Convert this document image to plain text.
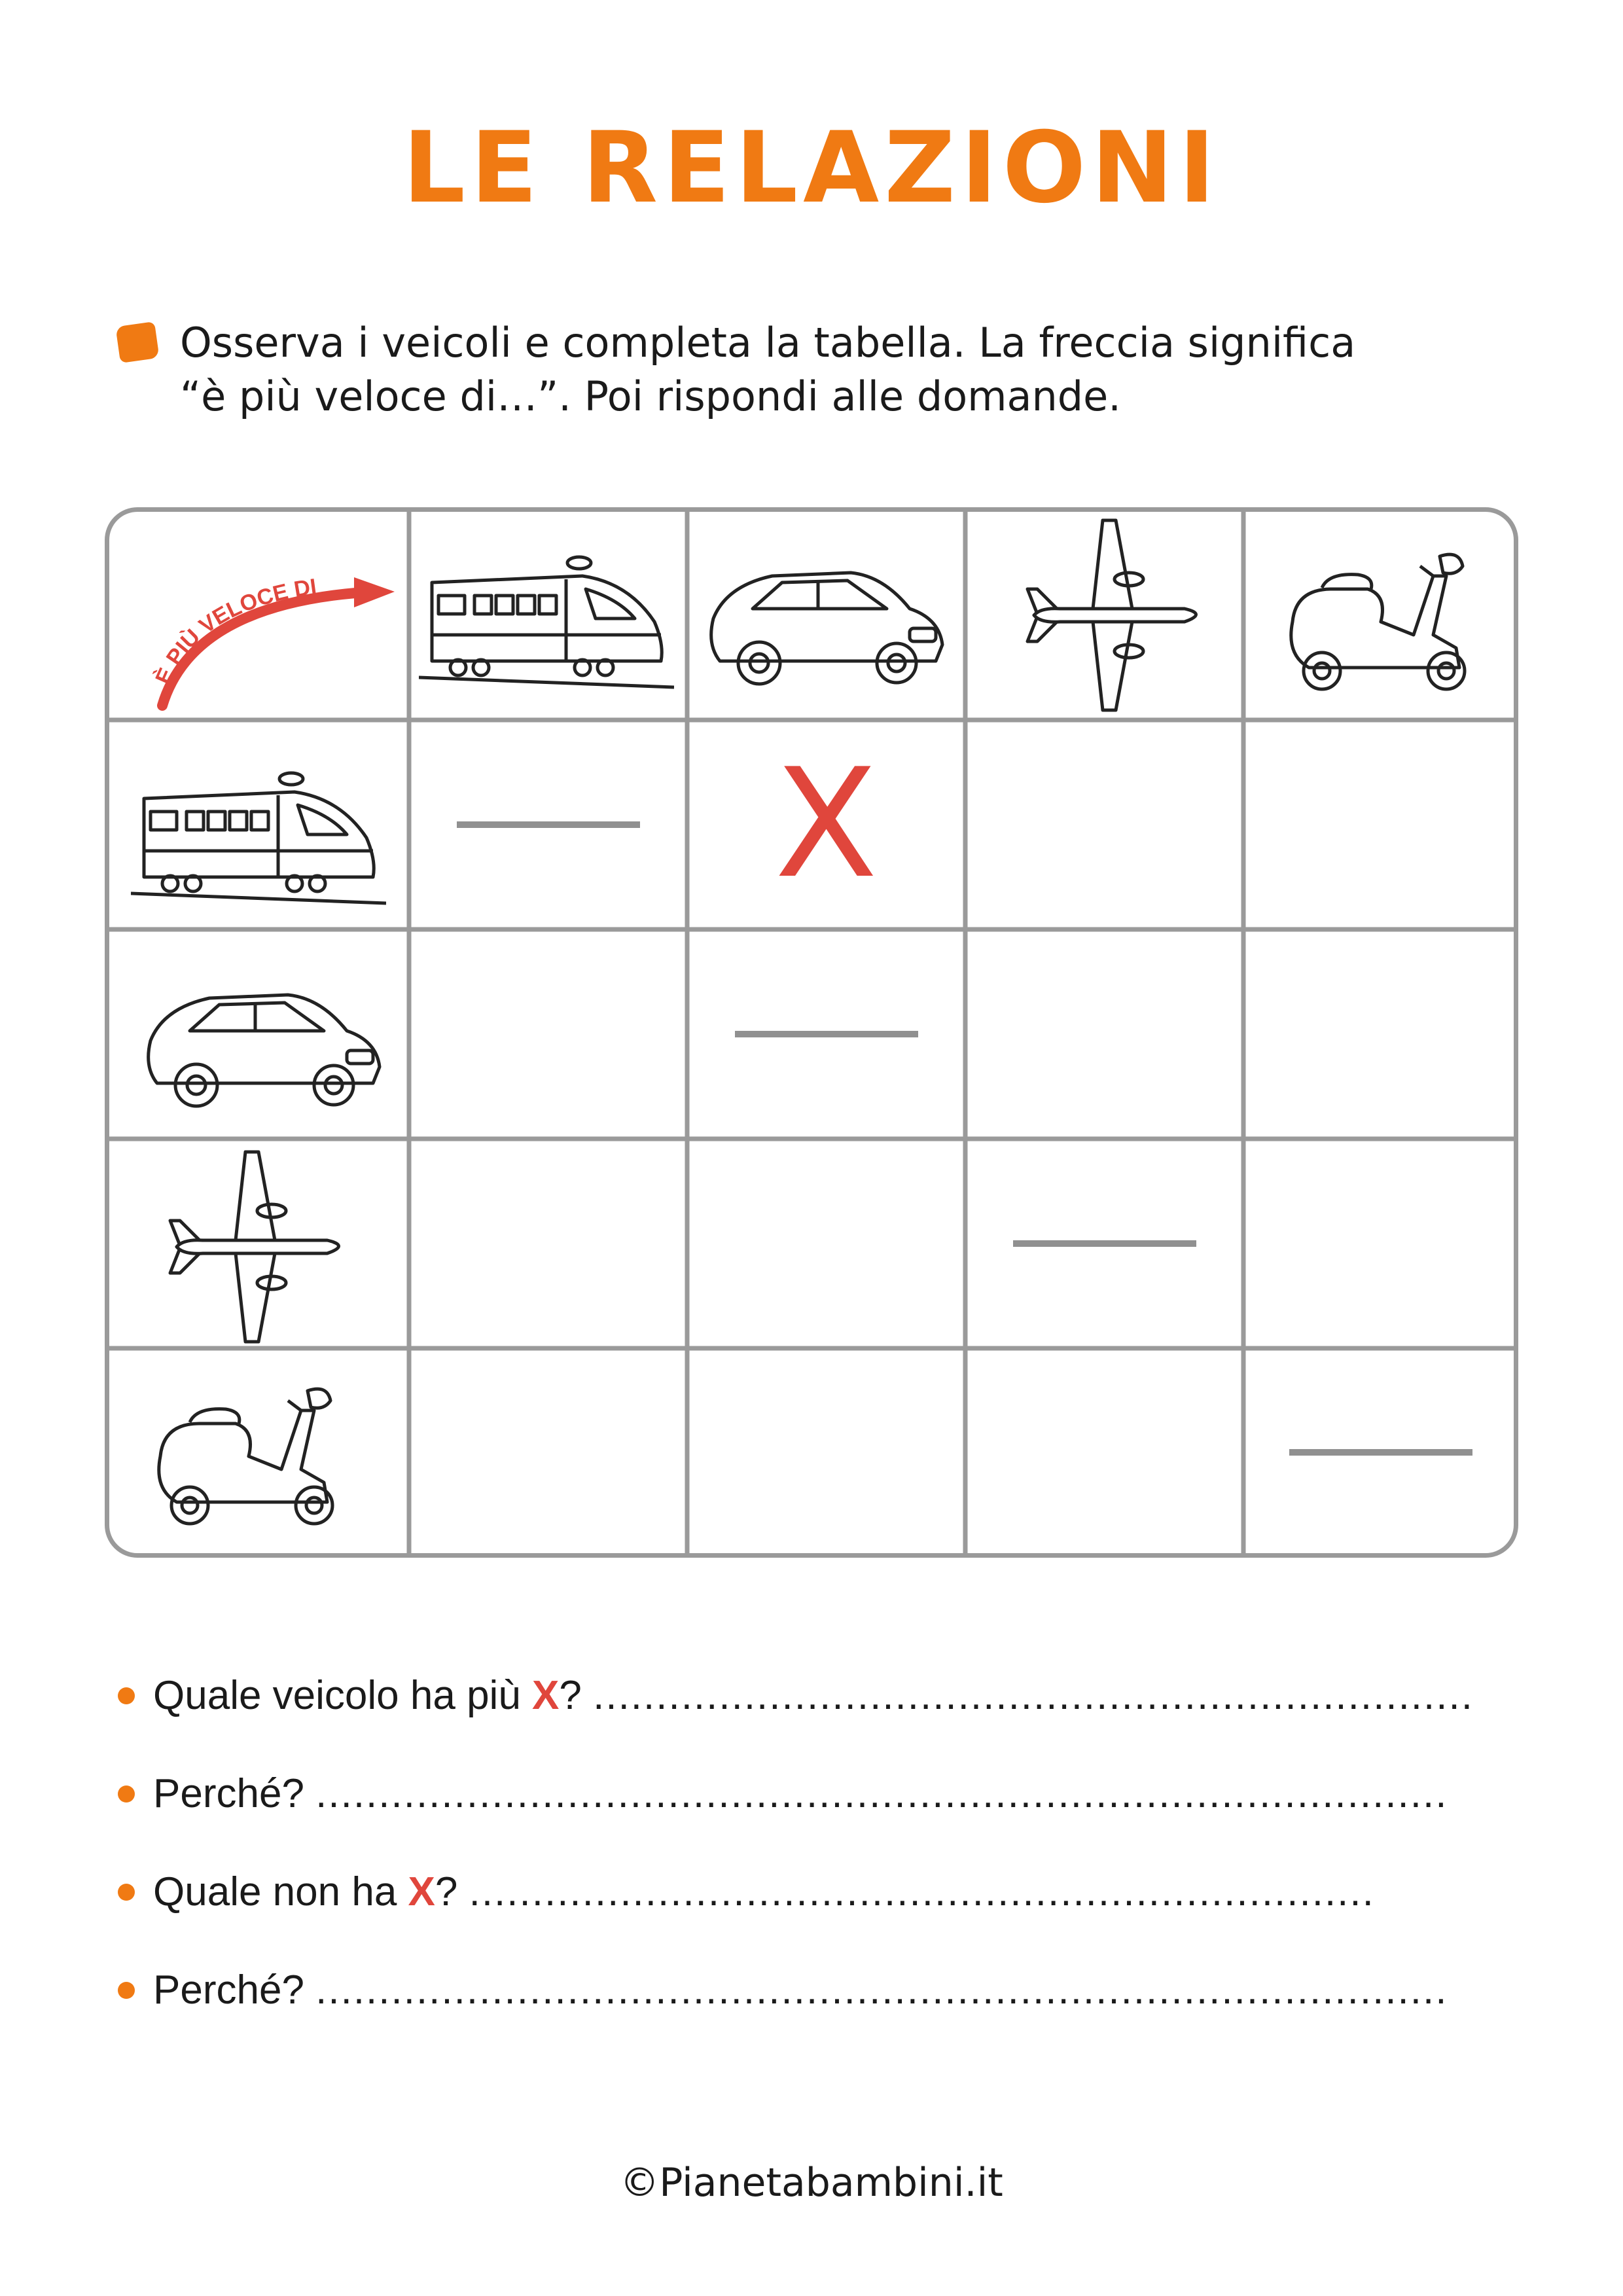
LE RELAZIONI
Osserva i veicoli e completa la tabella. La freccia significa
“è più veloce di…”. Poi rispondi alle domande.
È PIÙ VELOCE DI
X
Quale veicolo ha più X ? ......................................................................
Perché? ..........................................................................................
Quale non ha X ? ........................................................................
Perché? ..........................................................................................
©Pianetabambini.it
